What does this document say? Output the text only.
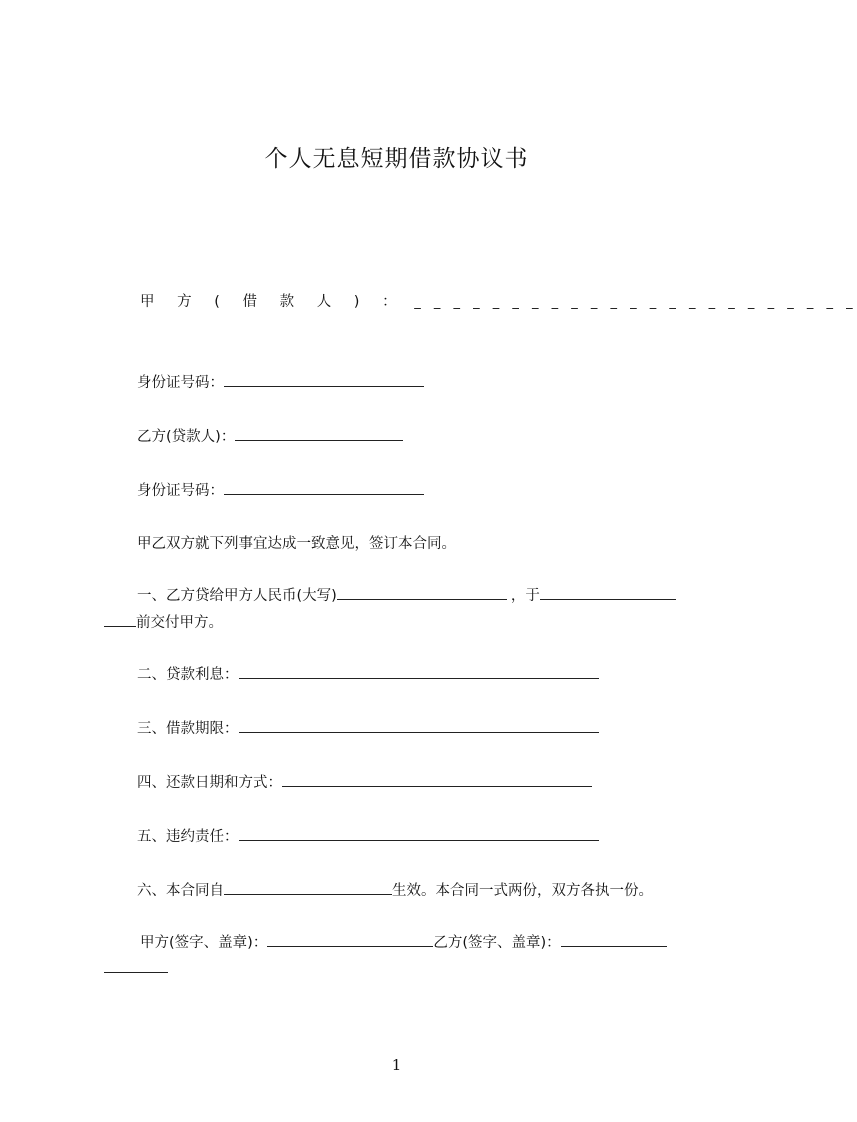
个人无息短期借款协议书
甲 方 ( 借 款 人 ) ： _ _ _ _ _ _ _ _ _ _ _ _ _ _ _ _ _ _ _ _ _ _ _
身份证号码：
乙方(贷款人)：
身份证号码：
甲乙双方就下列事宜达成一致意见，签订本合同。
一、乙方贷给甲方人民币(大写)	，于
前交付甲方。
二、贷款利息：
三、借款期限：
四、还款日期和方式：
五、违约责任：
六、本合同自	生效。本合同一式两份，双方各执一份。
甲方(签字、盖章)：	乙方(签字、盖章)：
1
